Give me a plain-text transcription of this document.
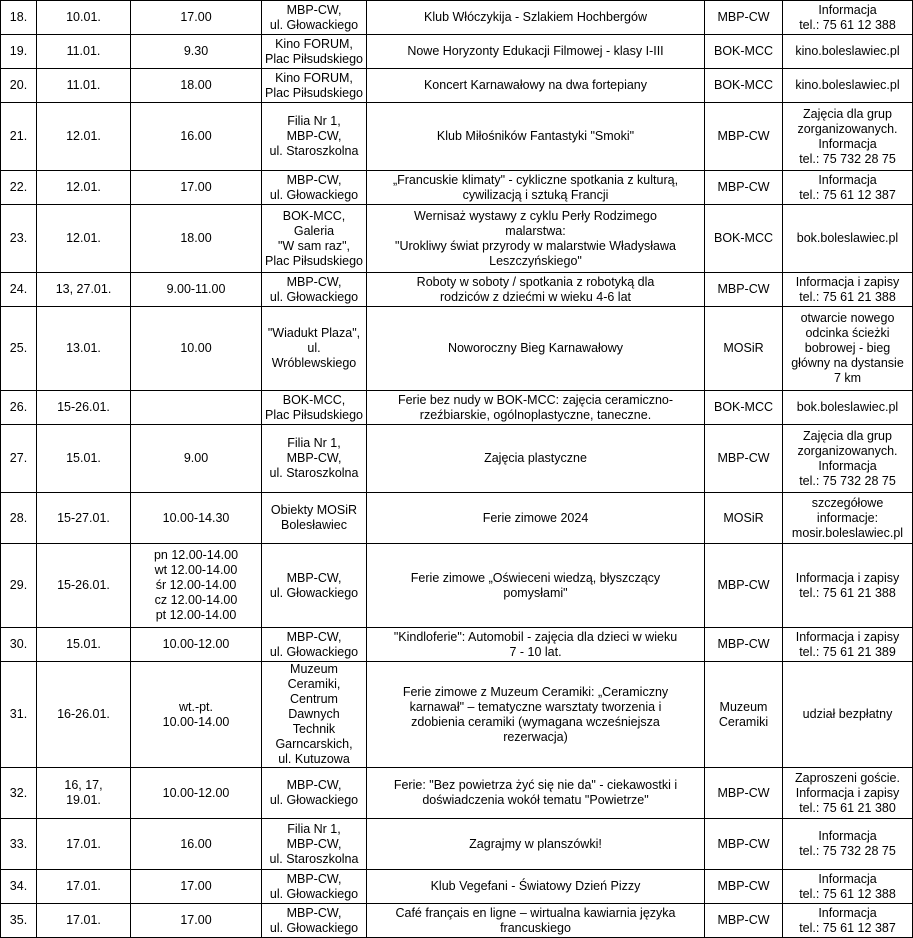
18.	10.01.	17.00	MBP-CW,
ul. Głowackiego	Klub Włóczykija - Szlakiem Hochbergów	MBP-CW	Informacja
tel.: 75 61 12 388
19.	11.01.	9.30	Kino FORUM,
Plac Piłsudskiego	Nowe Horyzonty Edukacji Filmowej - klasy I-III	BOK-MCC	kino.boleslawiec.pl
20.	11.01.	18.00	Kino FORUM,
Plac Piłsudskiego	Koncert Karnawałowy na dwa fortepiany	BOK-MCC	kino.boleslawiec.pl
21.	12.01.	16.00	Filia Nr 1,
MBP-CW,
ul. Staroszkolna	Klub Miłośników Fantastyki "Smoki"	MBP-CW	Zajęcia dla grup
zorganizowanych.
Informacja
tel.: 75 732 28 75
22.	12.01.	17.00	MBP-CW,
ul. Głowackiego	„Francuskie klimaty" - cykliczne spotkania z kulturą,
cywilizacją i sztuką Francji	MBP-CW	Informacja
tel.: 75 61 12 387
23.	12.01.	18.00	BOK-MCC,
Galeria
"W sam raz",
Plac Piłsudskiego	Wernisaż wystawy z cyklu Perły Rodzimego
malarstwa:
"Urokliwy świat przyrody w malarstwie Władysława
Leszczyńskiego"	BOK-MCC	bok.boleslawiec.pl
24.	13, 27.01.	9.00-11.00	MBP-CW,
ul. Głowackiego	Roboty w soboty / spotkania z robotyką dla
rodziców z dziećmi w wieku 4-6 lat	MBP-CW	Informacja i zapisy
tel.: 75 61 21 388
25.	13.01.	10.00	"Wiadukt Plaza", ul.
Wróblewskiego	Noworoczny Bieg Karnawałowy	MOSiR	otwarcie nowego
odcinka ścieżki
bobrowej - bieg
główny na dystansie
7 km
26.	15-26.01.		BOK-MCC,
Plac Piłsudskiego	Ferie bez nudy w BOK-MCC: zajęcia ceramiczno-
rzeźbiarskie, ogólnoplastyczne, taneczne.	BOK-MCC	bok.boleslawiec.pl
27.	15.01.	9.00	Filia Nr 1,
MBP-CW,
ul. Staroszkolna	Zajęcia plastyczne	MBP-CW	Zajęcia dla grup
zorganizowanych.
Informacja
tel.: 75 732 28 75
28.	15-27.01.	10.00-14.30	Obiekty MOSiR
Bolesławiec	Ferie zimowe 2024	MOSiR	szczegółowe
informacje:
mosir.boleslawiec.pl
29.	15-26.01.	pn 12.00-14.00
wt 12.00-14.00
śr 12.00-14.00
cz 12.00-14.00
pt 12.00-14.00	MBP-CW,
ul. Głowackiego	Ferie zimowe „Oświeceni wiedzą, błyszczący
pomysłami"	MBP-CW	Informacja i zapisy
tel.: 75 61 21 388
30.	15.01.	10.00-12.00	MBP-CW,
ul. Głowackiego	"Kindloferie": Automobil - zajęcia dla dzieci w wieku
7 - 10 lat.	MBP-CW	Informacja i zapisy
tel.: 75 61 21 389
31.	16-26.01.	wt.-pt.
10.00-14.00	Muzeum Ceramiki,
Centrum Dawnych
Technik
Garncarskich,
ul. Kutuzowa	Ferie zimowe z Muzeum Ceramiki: „Ceramiczny
karnawał" – tematyczne warsztaty tworzenia i
zdobienia ceramiki (wymagana wcześniejsza
rezerwacja)	Muzeum
Ceramiki	udział bezpłatny
32.	16, 17,
19.01.	10.00-12.00	MBP-CW,
ul. Głowackiego	Ferie: "Bez powietrza żyć się nie da" - ciekawostki i
doświadczenia wokół tematu "Powietrze"	MBP-CW	Zaproszeni goście.
Informacja i zapisy
tel.: 75 61 21 380
33.	17.01.	16.00	Filia Nr 1,
MBP-CW,
ul. Staroszkolna	Zagrajmy w planszówki!	MBP-CW	Informacja
tel.: 75 732 28 75
34.	17.01.	17.00	MBP-CW,
ul. Głowackiego	Klub Vegefani - Światowy Dzień Pizzy	MBP-CW	Informacja
tel.: 75 61 12 388
35.	17.01.	17.00	MBP-CW,
ul. Głowackiego	Café français en ligne – wirtualna kawiarnia języka
francuskiego	MBP-CW	Informacja
tel.: 75 61 12 387
